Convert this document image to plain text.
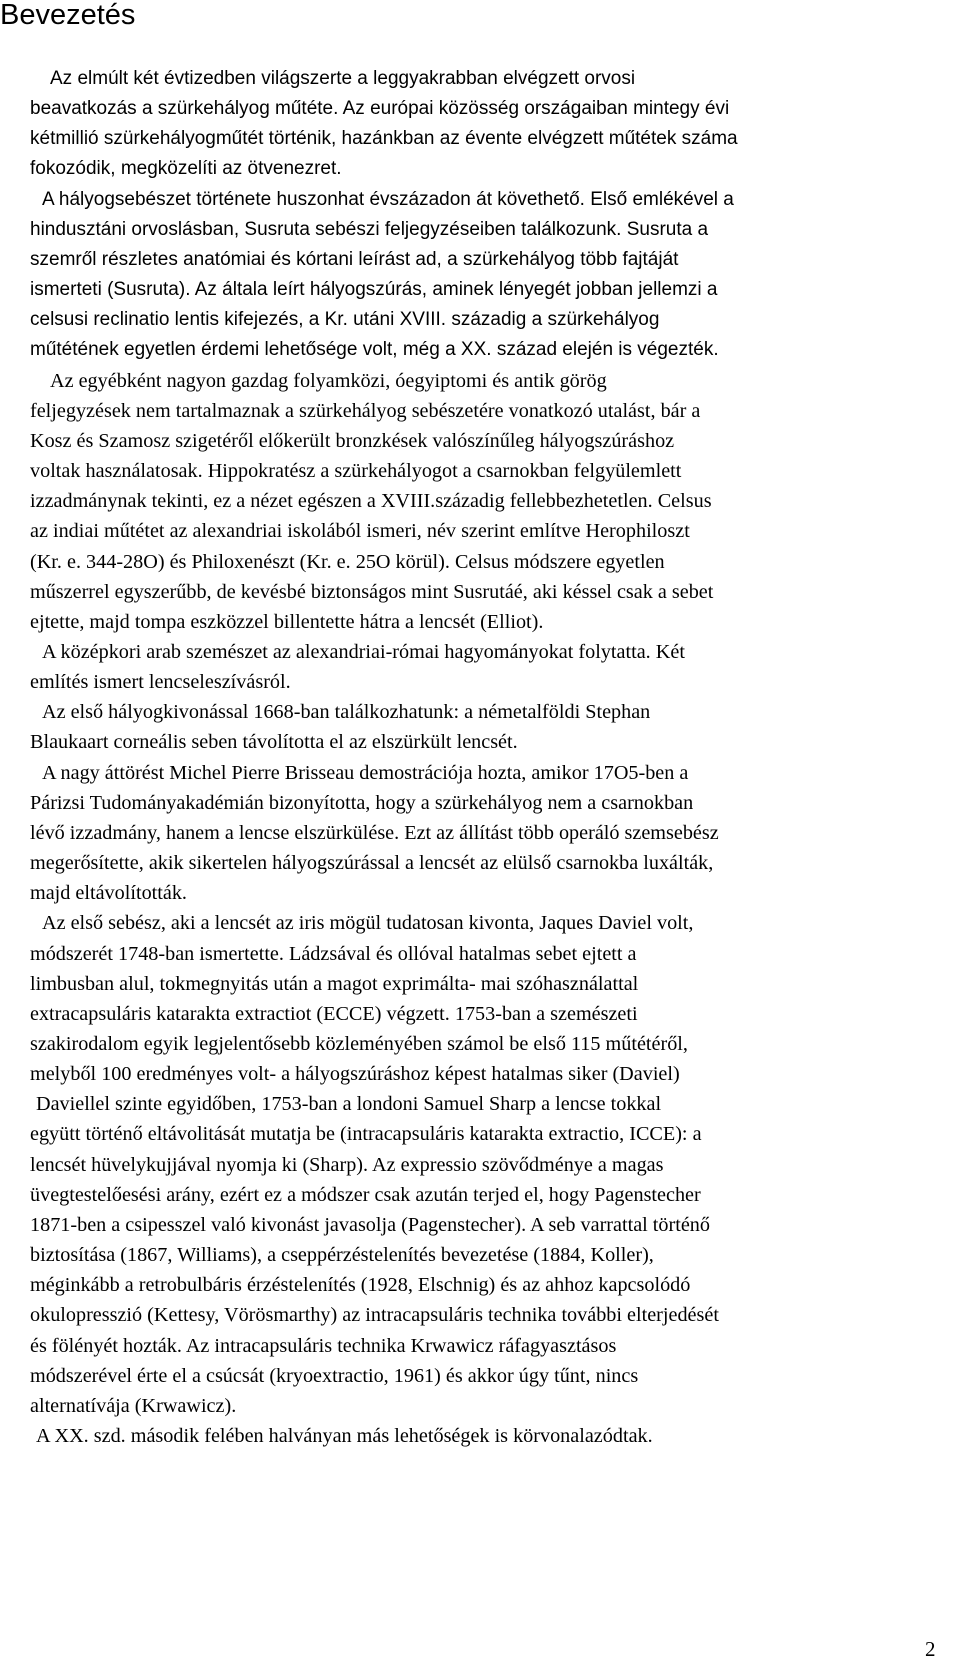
Bevezetés
Az elmúlt két évtizedben világszerte a leggyakrabban elvégzett orvosi
beavatkozás a szürkehályog műtéte. Az európai közösség országaiban mintegy évi
kétmillió szürkehályogműtét történik, hazánkban az évente elvégzett műtétek száma
fokozódik, megközelíti az ötvenezret.
A hályogsebészet története huszonhat évszázadon át követhető. Első emlékével a
hindusztáni orvoslásban, Susruta sebészi feljegyzéseiben találkozunk. Susruta a
szemről részletes anatómiai és kórtani leírást ad, a szürkehályog több fajtáját
ismerteti (Susruta). Az általa leírt hályogszúrás, aminek lényegét jobban jellemzi a
celsusi reclinatio lentis kifejezés, a Kr. utáni XVIII. századig a szürkehályog
műtétének egyetlen érdemi lehetősége volt, még a XX. század elején is végezték.
Az egyébként nagyon gazdag folyamközi, óegyiptomi és antik görög
feljegyzések nem tartalmaznak a szürkehályog sebészetére vonatkozó utalást, bár a
Kosz és Szamosz szigetéről előkerült bronzkések valószínűleg hályogszúráshoz
voltak használatosak. Hippokratész a szürkehályogot a csarnokban felgyülemlett
izzadmánynak tekinti, ez a nézet egészen a XVIII.századig fellebbezhetetlen. Celsus
az indiai műtétet az alexandriai iskolából ismeri, név szerint említve Herophiloszt
(Kr. e. 344-28O) és Philoxenészt (Kr. e. 25O körül). Celsus módszere egyetlen
műszerrel egyszerűbb, de kevésbé biztonságos mint Susrutáé, aki késsel csak a sebet
ejtette, majd tompa eszközzel billentette hátra a lencsét (Elliot).
A középkori arab szemészet az alexandriai-római hagyományokat folytatta. Két
említés ismert lencseleszívásról.
Az első hályogkivonással 1668-ban találkozhatunk: a németalföldi Stephan
Blaukaart corneális seben távolította el az elszürkült lencsét.
A nagy áttörést Michel Pierre Brisseau demostrációja hozta, amikor 17O5-ben a
Párizsi Tudományakadémián bizonyította, hogy a szürkehályog nem a csarnokban
lévő izzadmány, hanem a lencse elszürkülése. Ezt az állítást több operáló szemsebész
megerősítette, akik sikertelen hályogszúrással a lencsét az elülső csarnokba luxálták,
majd eltávolították.
Az első sebész, aki a lencsét az iris mögül tudatosan kivonta, Jaques Daviel volt,
módszerét 1748-ban ismertette. Ládzsával és ollóval hatalmas sebet ejtett a
limbusban alul, tokmegnyitás után a magot exprimálta- mai szóhasználattal
extracapsuláris katarakta extractiot (ECCE) végzett. 1753-ban a szemészeti
szakirodalom egyik legjelentősebb közleményében számol be első 115 műtétéről,
melyből 100 eredményes volt- a hályogszúráshoz képest hatalmas siker (Daviel)
Daviellel szinte egyidőben, 1753-ban a londoni Samuel Sharp a lencse tokkal
együtt történő eltávolitását mutatja be (intracapsuláris katarakta extractio, ICCE): a
lencsét hüvelykujjával nyomja ki (Sharp). Az expressio szövődménye a magas
üvegtestelőesési arány, ezért ez a módszer csak azután terjed el, hogy Pagenstecher
1871-ben a csipesszel való kivonást javasolja (Pagenstecher). A seb varrattal történő
biztosítása (1867, Williams), a cseppérzéstelenítés bevezetése (1884, Koller),
méginkább a retrobulbáris érzéstelenítés (1928, Elschnig) és az ahhoz kapcsolódó
okulopresszió (Kettesy, Vörösmarthy) az intracapsuláris technika további elterjedését
és fölényét hozták. Az intracapsuláris technika Krwawicz ráfagyasztásos
módszerével érte el a csúcsát (kryoextractio, 1961) és akkor úgy tűnt, nincs
alternatívája (Krwawicz).
A XX. szd. második felében halványan más lehetőségek is körvonalazódtak.
2
